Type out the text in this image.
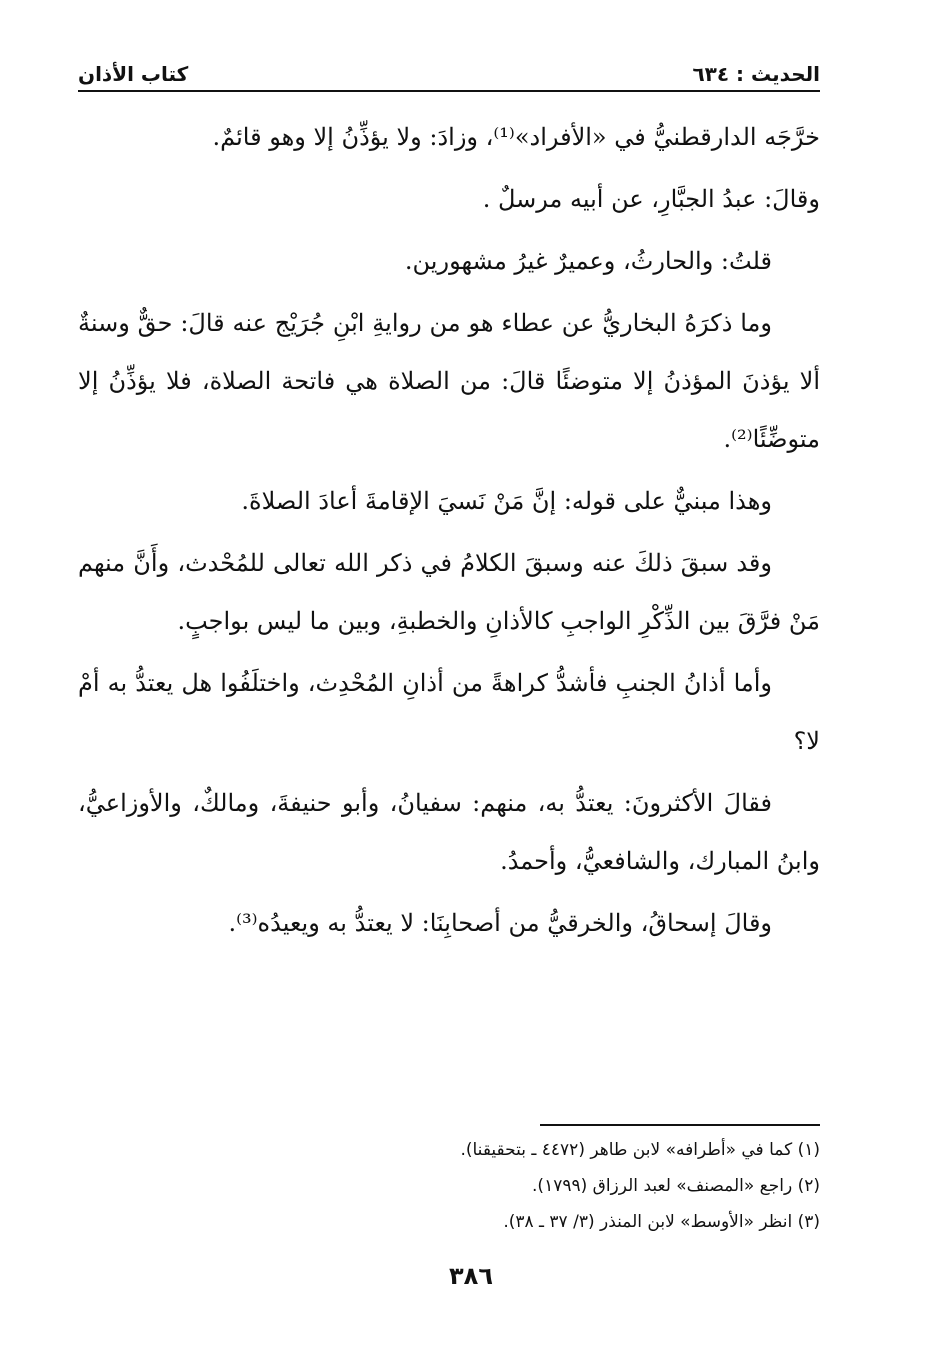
الحديث : ٦٣٤
كتاب الأذان

خرَّجَه الدارقطنيُّ في «الأفراد»⁽¹⁾، وزادَ: ولا يؤذِّنُ إلا وهو قائمٌ.

وقالَ: عبدُ الجبَّارِ، عن أبيه مرسلٌ .

قلتُ: والحارثُ، وعميرٌ غيرُ مشهورين.

وما ذكرَهُ البخاريُّ عن عطاء هو من روايةِ ابْنِ جُرَيْج عنه قالَ: حقٌّ وسنةٌ ألا يؤذنَ المؤذنُ إلا متوضئًا قالَ: من الصلاة هي فاتحة الصلاة، فلا يؤذِّنُ إلا متوضِّئًا⁽²⁾.

وهذا مبنيٌّ على قوله: إنَّ مَنْ نَسيَ الإقامةَ أعادَ الصلاةَ.

وقد سبقَ ذلكَ عنه وسبقَ الكلامُ في ذكر الله تعالى للمُحْدث، وأَنَّ منهم مَنْ فرَّقَ بين الذِّكْرِ الواجبِ كالأذانِ والخطبةِ، وبين ما ليس بواجبٍ.

وأما أذانُ الجنبِ فأشدُّ كراهةً من أذانِ المُحْدِث، واختلَفُوا هل يعتدُّ به أمْ لا؟

فقالَ الأكثرونَ: يعتدُّ به، منهم: سفيانُ، وأبو حنيفةَ، ومالكٌ، والأوزاعيُّ، وابنُ المبارك، والشافعيُّ، وأحمدُ.

وقالَ إسحاقُ، والخرقيُّ من أصحابِنَا: لا يعتدُّ به ويعيدُه⁽³⁾.

(١) كما في «أطرافه» لابن طاهر (٤٤٧٢ ـ بتحقيقنا).
(٢) راجع «المصنف» لعبد الرزاق (١٧٩٩).
(٣) انظر «الأوسط» لابن المنذر (٣/ ٣٧ ـ ٣٨).
٣٨٦
